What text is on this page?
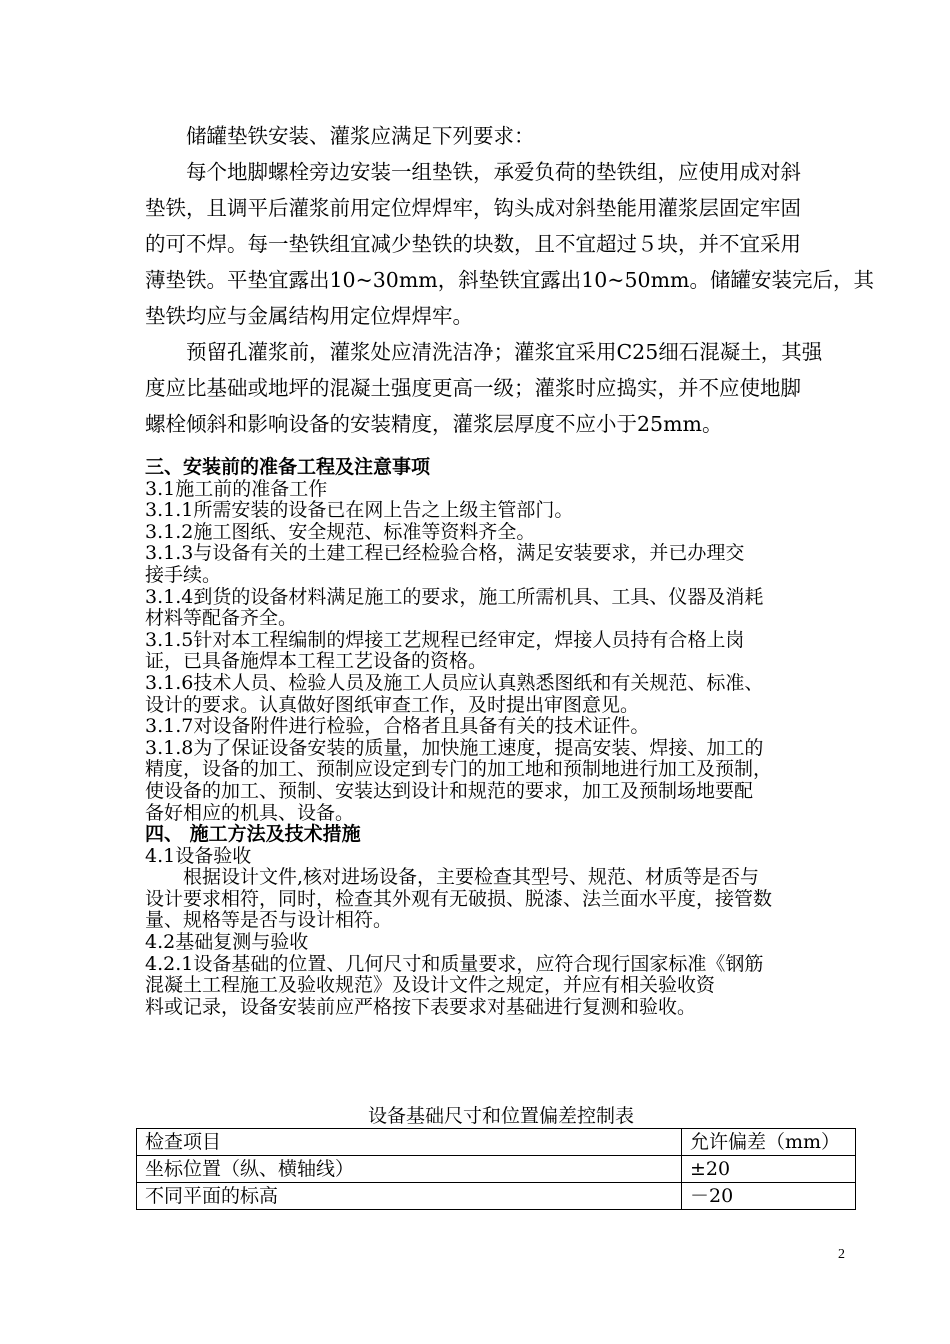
储罐垫铁安装、灌浆应满足下列要求：
每个地脚螺栓旁边安装一组垫铁，承爱负荷的垫铁组，应使用成对斜
垫铁，且调平后灌浆前用定位焊焊牢，钩头成对斜垫能用灌浆层固定牢固
的可不焊。每一垫铁组宜减少垫铁的块数，且不宜超过５块，并不宜采用
薄垫铁。平垫宜露出10~30mm，斜垫铁宜露出10~50mm。储罐安装完后，其
垫铁均应与金属结构用定位焊焊牢。
预留孔灌浆前，灌浆处应清洗洁净；灌浆宜采用C25细石混凝土，其强
度应比基础或地坪的混凝土强度更高一级；灌浆时应捣实，并不应使地脚
螺栓倾斜和影响设备的安装精度，灌浆层厚度不应小于25mm。
三、安装前的准备工程及注意事项
3.1施工前的准备工作
3.1.1所需安装的设备已在网上告之上级主管部门。
3.1.2施工图纸、安全规范、标准等资料齐全。
3.1.3与设备有关的土建工程已经检验合格，满足安装要求，并已办理交
接手续。
3.1.4到货的设备材料满足施工的要求，施工所需机具、工具、仪器及消耗
材料等配备齐全。
3.1.5针对本工程编制的焊接工艺规程已经审定，焊接人员持有合格上岗
证，已具备施焊本工程工艺设备的资格。
3.1.6技术人员、检验人员及施工人员应认真熟悉图纸和有关规范、标准、
设计的要求。认真做好图纸审查工作，及时提出审图意见。
3.1.7对设备附件进行检验，合格者且具备有关的技术证件。
3.1.8为了保证设备安装的质量，加快施工速度，提高安装、焊接、加工的
精度，设备的加工、预制应设定到专门的加工地和预制地进行加工及预制，
使设备的加工、预制、安装达到设计和规范的要求，加工及预制场地要配
备好相应的机具、设备。
四、 施工方法及技术措施
4.1设备验收
　　根据设计文件,核对进场设备，主要检查其型号、规范、材质等是否与
设计要求相符，同时，检查其外观有无破损、脱漆、法兰面水平度，接管数
量、规格等是否与设计相符。
4.2基础复测与验收
4.2.1设备基础的位置、几何尺寸和质量要求，应符合现行国家标准《钢筋
混凝土工程施工及验收规范》及设计文件之规定，并应有相关验收资
料或记录，设备安装前应严格按下表要求对基础进行复测和验收。
设备基础尺寸和位置偏差控制表
检查项目	允许偏差（mm）
坐标位置（纵、横轴线）	±20
不同平面的标高	－20
2
